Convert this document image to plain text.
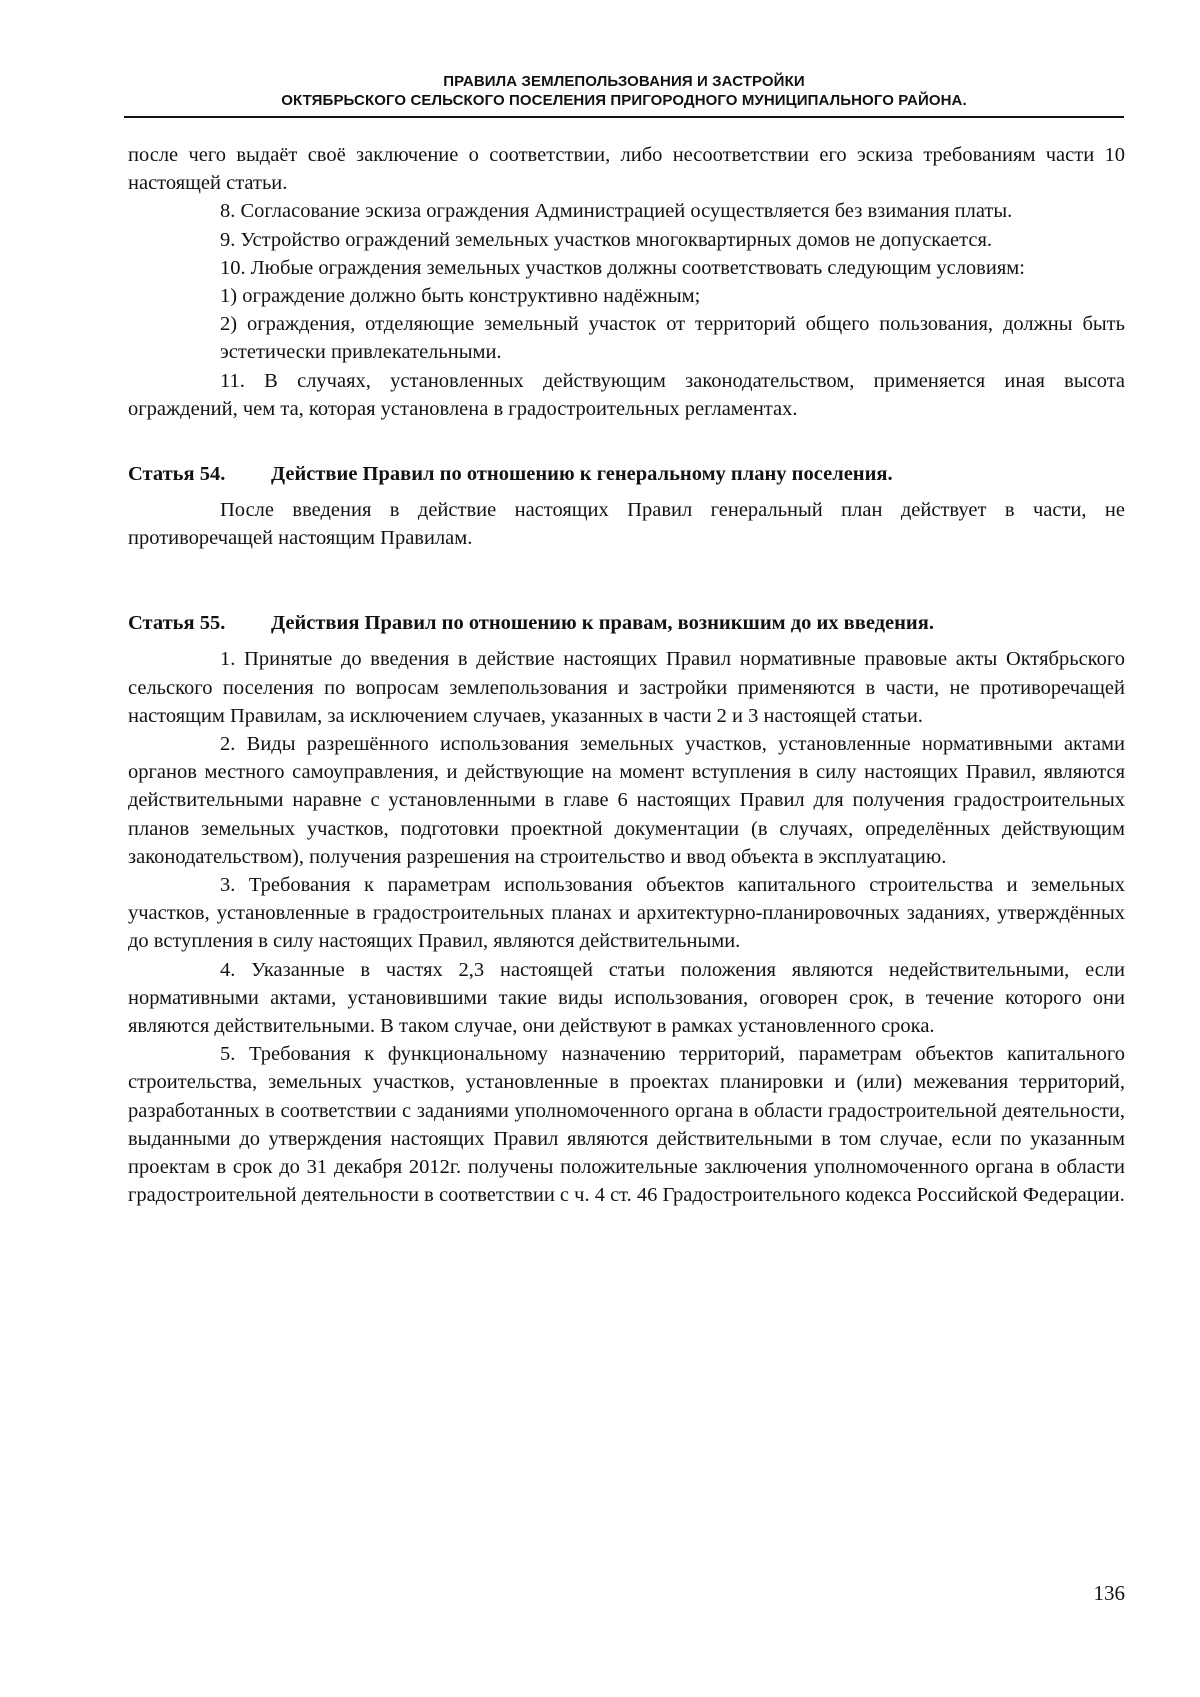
ПРАВИЛА ЗЕМЛЕПОЛЬЗОВАНИЯ И ЗАСТРОЙКИ
ОКТЯБРЬСКОГО СЕЛЬСКОГО ПОСЕЛЕНИЯ ПРИГОРОДНОГО МУНИЦИПАЛЬНОГО РАЙОНА.

после чего выдаёт своё заключение о соответствии, либо несоответствии его эскиза требованиям части 10 настоящей статьи.

8. Согласование эскиза ограждения Администрацией осуществляется без взимания платы.

9. Устройство ограждений земельных участков многоквартирных домов не допускается.

10. Любые ограждения земельных участков должны соответствовать следующим условиям:

1) ограждение должно быть конструктивно надёжным;

2) ограждения, отделяющие земельный участок от территорий общего пользования, должны быть эстетически привлекательными.

11. В случаях, установленных действующим законодательством, применяется иная высота ограждений, чем та, которая установлена в градостроительных регламентах.

Статья 54.	Действие Правил по отношению к генеральному плану поселения.

После введения в действие настоящих Правил генеральный план действует в части, не противоречащей настоящим Правилам.

Статья 55.	Действия Правил по отношению к правам, возникшим до их введения.

1. Принятые до введения в действие настоящих Правил нормативные правовые акты Октябрьского сельского поселения по вопросам землепользования и застройки применяются в части, не противоречащей настоящим Правилам, за исключением случаев, указанных в части 2 и 3 настоящей статьи.

2. Виды разрешённого использования земельных участков, установленные нормативными актами органов местного самоуправления, и действующие на момент вступления в силу настоящих Правил, являются действительными наравне с установленными в главе 6 настоящих Правил для получения градостроительных планов земельных участков, подготовки проектной документации (в случаях, определённых действующим законодательством), получения разрешения на строительство и ввод объекта в эксплуатацию.

3. Требования к параметрам использования объектов капитального строительства и земельных участков, установленные в градостроительных планах и архитектурно-планировочных заданиях, утверждённых до вступления в силу настоящих Правил, являются действительными.

4. Указанные в частях 2,3 настоящей статьи положения являются недействительными, если нормативными актами, установившими такие виды использования, оговорен срок, в течение которого они являются действительными. В таком случае, они действуют в рамках установленного срока.

5. Требования к функциональному назначению территорий, параметрам объектов капитального строительства, земельных участков, установленные в проектах планировки и (или) межевания территорий, разработанных в соответствии с заданиями уполномоченного органа в области градостроительной деятельности, выданными до утверждения настоящих Правил являются действительными в том случае, если по указанным проектам в срок до 31 декабря 2012г. получены положительные заключения уполномоченного органа в области градостроительной деятельности в соответствии с ч. 4 ст. 46 Градостроительного кодекса Российской Федерации.

136
